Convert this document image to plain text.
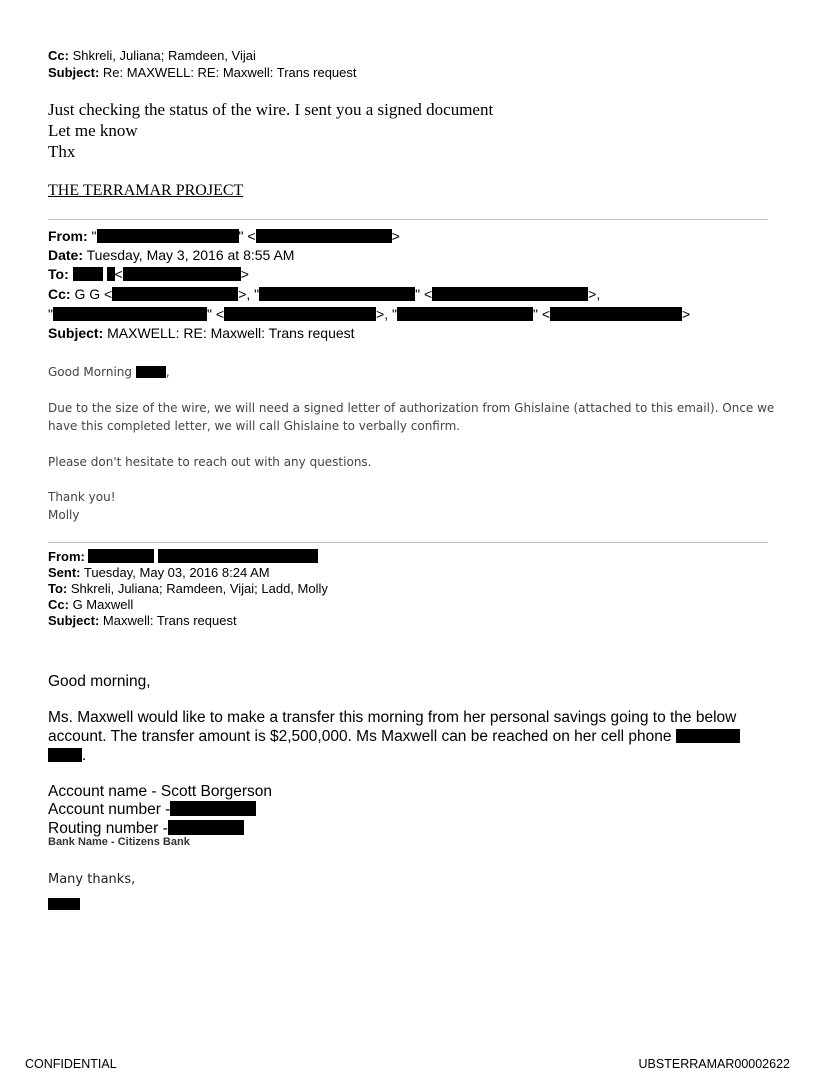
Cc: Shkreli, Juliana; Ramdeen, Vijai
Subject: Re: MAXWELL: RE: Maxwell: Trans request
Just checking the status of the wire. I sent you a signed document
Let me know
Thx
THE TERRAMAR PROJECT
From: "	" <	>
Date: Tuesday, May 3, 2016 at 8:55 AM
To:	<	>
Cc: G G <	>, "	" <	>,
"	" <	>, "	" <	>
Subject: MAXWELL: RE: Maxwell: Trans request
Good Morning	,
Due to the size of the wire, we will need a signed letter of authorization from Ghislaine (attached to this email). Once we
have this completed letter, we will call Ghislaine to verbally confirm.
Please don't hesitate to reach out with any questions.
Thank you!
Molly
From:
Sent: Tuesday, May 03, 2016 8:24 AM
To: Shkreli, Juliana; Ramdeen, Vijai; Ladd, Molly
Cc: G Maxwell
Subject: Maxwell: Trans request
Good morning,
Ms. Maxwell would like to make a transfer this morning from her personal savings going to the below
account. The transfer amount is $2,500,000. Ms Maxwell can be reached on her cell phone
.
Account name - Scott Borgerson
Account number -
Routing number -
Bank Name - Citizens Bank
Many thanks,
CONFIDENTIAL	UBSTERRAMAR00002622
